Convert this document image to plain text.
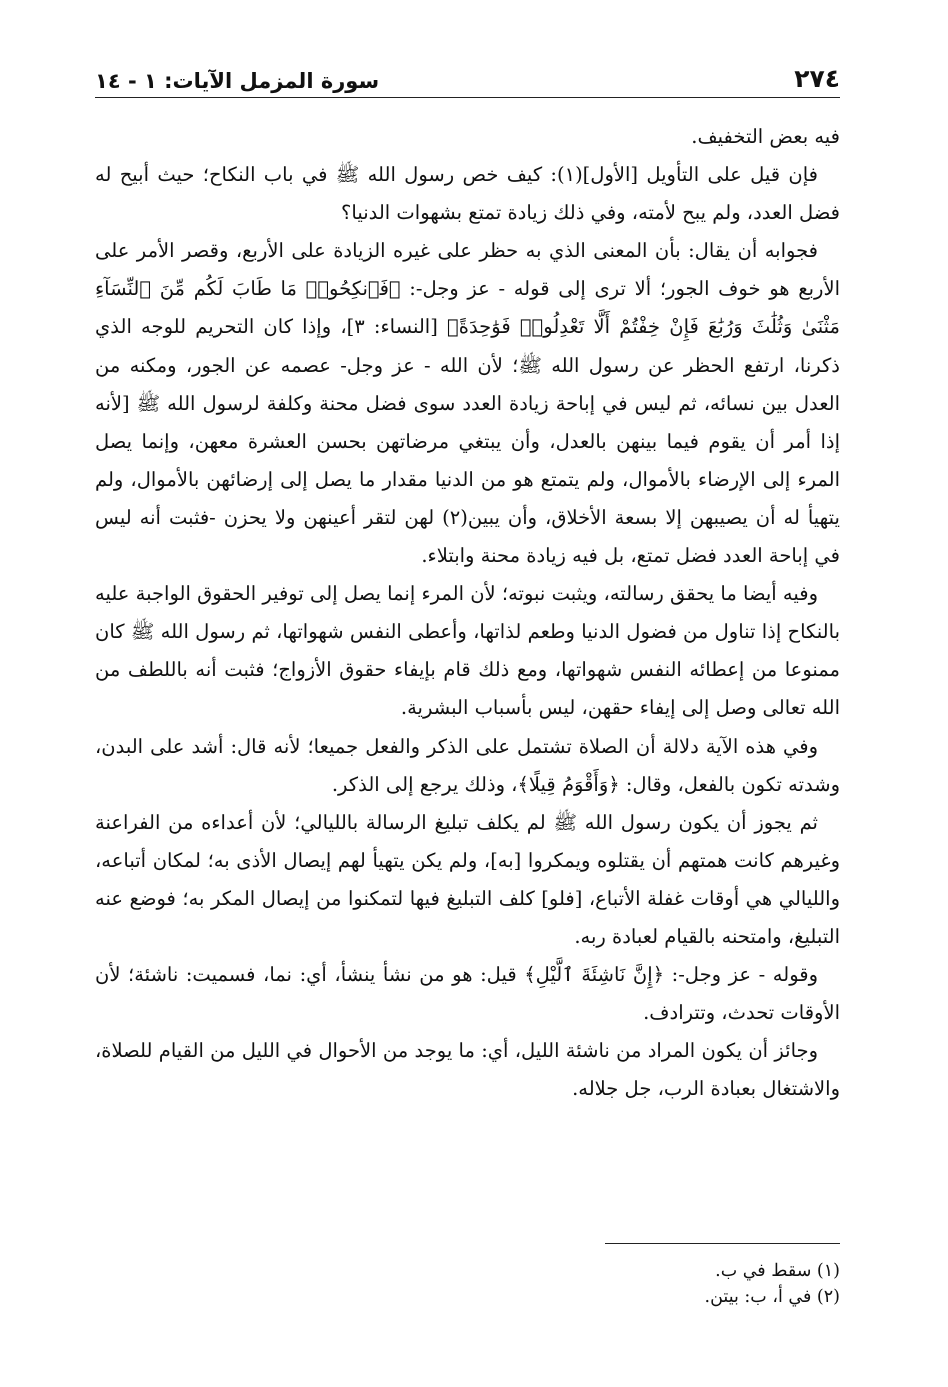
٢٧٤
سورة المزمل الآيات: ١ - ١٤

فيه بعض التخفيف.

فإن قيل على التأويل [الأول](١): كيف خص رسول الله ﷺ في باب النكاح؛ حيث أبيح له فضل العدد، ولم يبح لأمته، وفي ذلك زيادة تمتع بشهوات الدنيا؟

فجوابه أن يقال: بأن المعنى الذي به حظر على غيره الزيادة على الأربع، وقصر الأمر على الأربع هو خوف الجور؛ ألا ترى إلى قوله - عز وجل-: ﴿فَٱنكِحُوا۟ مَا طَابَ لَكُم مِّنَ ٱلنِّسَآءِ مَثْنَىٰ وَثُلَٰثَ وَرُبَٰعَ فَإِنْ خِفْتُمْ أَلَّا تَعْدِلُوا۟ فَوَٰحِدَةً﴾ [النساء: ٣]، وإذا كان التحريم للوجه الذي ذكرنا، ارتفع الحظر عن رسول الله ﷺ؛ لأن الله - عز وجل- عصمه عن الجور، ومكنه من العدل بين نسائه، ثم ليس في إباحة زيادة العدد سوى فضل محنة وكلفة لرسول الله ﷺ [لأنه إذا أمر أن يقوم فيما بينهن بالعدل، وأن يبتغي مرضاتهن بحسن العشرة معهن، وإنما يصل المرء إلى الإرضاء بالأموال، ولم يتمتع هو من الدنيا مقدار ما يصل إلى إرضائهن بالأموال، ولم يتهيأ له أن يصيبهن إلا بسعة الأخلاق، وأن يبين(٢) لهن لتقر أعينهن ولا يحزن -فثبت أنه ليس في إباحة العدد فضل تمتع، بل فيه زيادة محنة وابتلاء.

وفيه أيضا ما يحقق رسالته، ويثبت نبوته؛ لأن المرء إنما يصل إلى توفير الحقوق الواجبة عليه بالنكاح إذا تناول من فضول الدنيا وطعم لذاتها، وأعطى النفس شهواتها، ثم رسول الله ﷺ كان ممنوعا من إعطائه النفس شهواتها، ومع ذلك قام بإيفاء حقوق الأزواج؛ فثبت أنه باللطف من الله تعالى وصل إلى إيفاء حقهن، ليس بأسباب البشرية.

وفي هذه الآية دلالة أن الصلاة تشتمل على الذكر والفعل جميعا؛ لأنه قال: أشد على البدن، وشدته تكون بالفعل، وقال: ﴿وَأَقْوَمُ قِيلًا﴾، وذلك يرجع إلى الذكر.

ثم يجوز أن يكون رسول الله ﷺ لم يكلف تبليغ الرسالة بالليالي؛ لأن أعداءه من الفراعنة وغيرهم كانت همتهم أن يقتلوه ويمكروا [به]، ولم يكن يتهيأ لهم إيصال الأذى به؛ لمكان أتباعه، والليالي هي أوقات غفلة الأتباع، [فلو] كلف التبليغ فيها لتمكنوا من إيصال المكر به؛ فوضع عنه التبليغ، وامتحنه بالقيام لعبادة ربه.

وقوله - عز وجل-: ﴿إِنَّ نَاشِئَةَ ٱلَّيْلِ﴾ قيل: هو من نشأ ينشأ، أي: نما، فسميت: ناشئة؛ لأن الأوقات تحدث، وتترادف.

وجائز أن يكون المراد من ناشئة الليل، أي: ما يوجد من الأحوال في الليل من القيام للصلاة، والاشتغال بعبادة الرب، جل جلاله.

(١) سقط في ب.
(٢) في أ، ب: بيتن.
